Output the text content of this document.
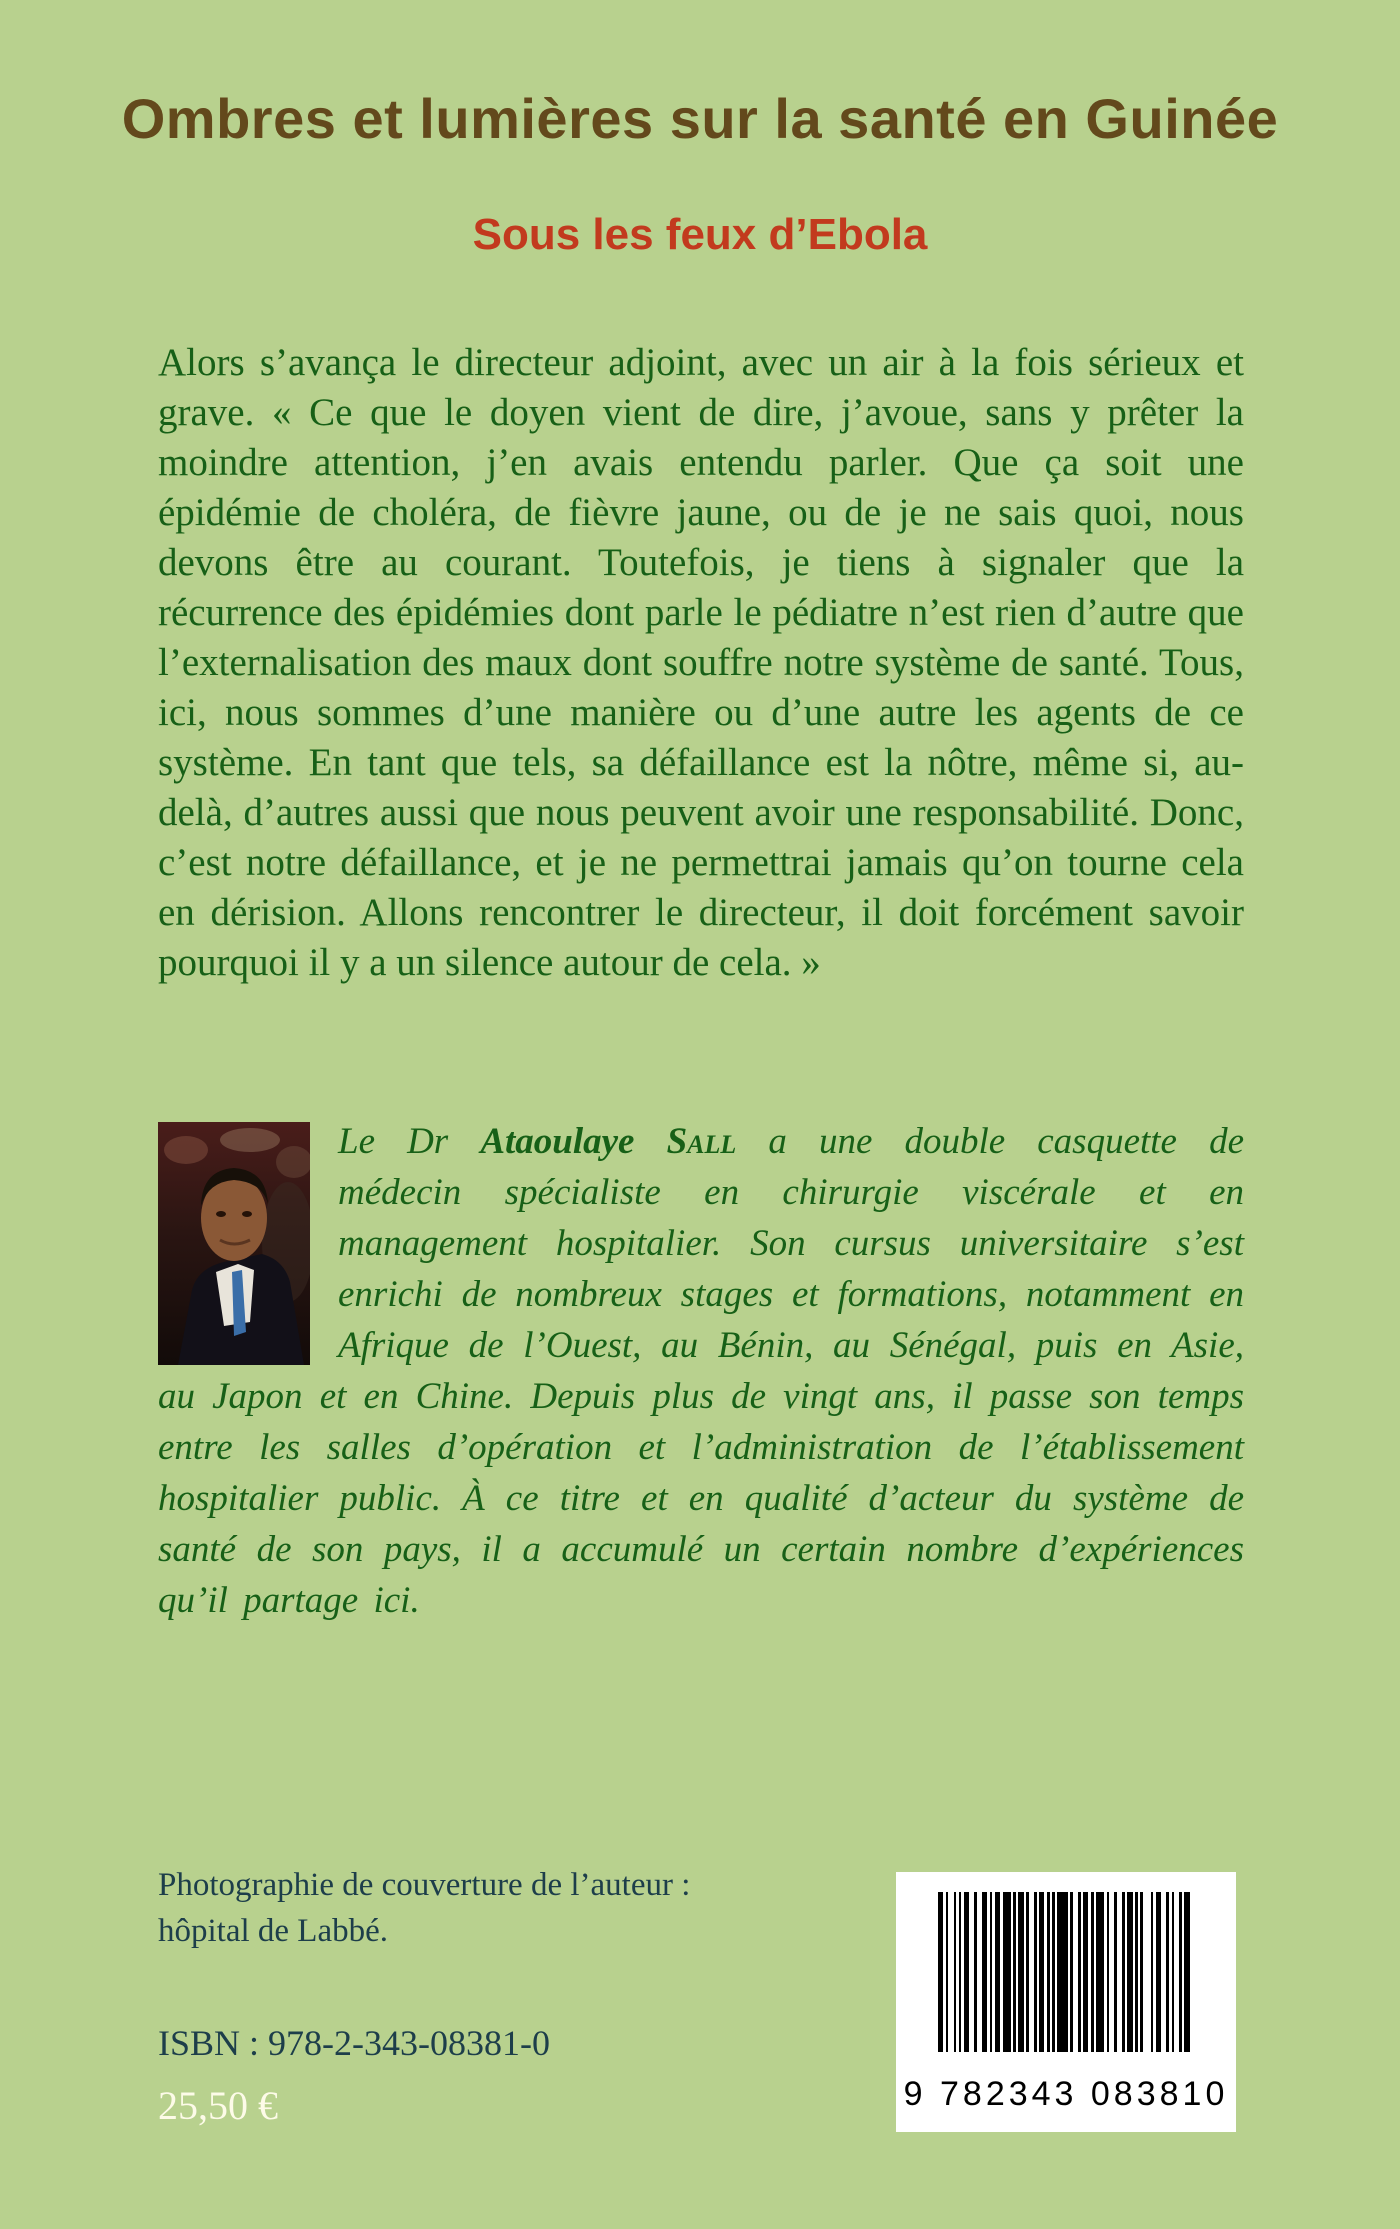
Ombres et lumières sur la santé en Guinée
Sous les feux d’Ebola
Alors s’avança le directeur adjoint, avec un air à la fois sérieux et grave. « Ce que le doyen vient de dire, j’avoue, sans y prêter la moindre attention, j’en avais entendu parler. Que ça soit une épidémie de choléra, de fièvre jaune, ou de je ne sais quoi, nous devons être au courant. Toutefois, je tiens à signaler que la récurrence des épidémies dont parle le pédiatre n’est rien d’autre que l’externalisation des maux dont souffre notre système de santé. Tous, ici, nous sommes d’une manière ou d’une autre les agents de ce système. En tant que tels, sa défaillance est la nôtre, même si, au-delà, d’autres aussi que nous peuvent avoir une responsabilité. Donc, c’est notre défaillance, et je ne permettrai jamais qu’on tourne cela en dérision. Allons rencontrer le directeur, il doit forcément savoir pourquoi il y a un silence autour de cela. »
Le Dr Ataoulaye Sall a une double casquette de médecin spécialiste en chirurgie viscérale et en management hospitalier. Son cursus universitaire s’est enrichi de nombreux stages et formations, notamment en Afrique de l’Ouest, au Bénin, au Sénégal, puis en Asie, au Japon et en Chine. Depuis plus de vingt ans, il passe son temps entre les salles d’opération et l’administration de l’établissement hospitalier public. À ce titre et en qualité d’acteur du système de santé de son pays, il a accumulé un certain nombre d’expériences qu’il partage ici.
Photographie de couverture de l’auteur :
hôpital de Labbé.
ISBN : 978-2-343-08381-0
25,50 €	9 782343 083810
